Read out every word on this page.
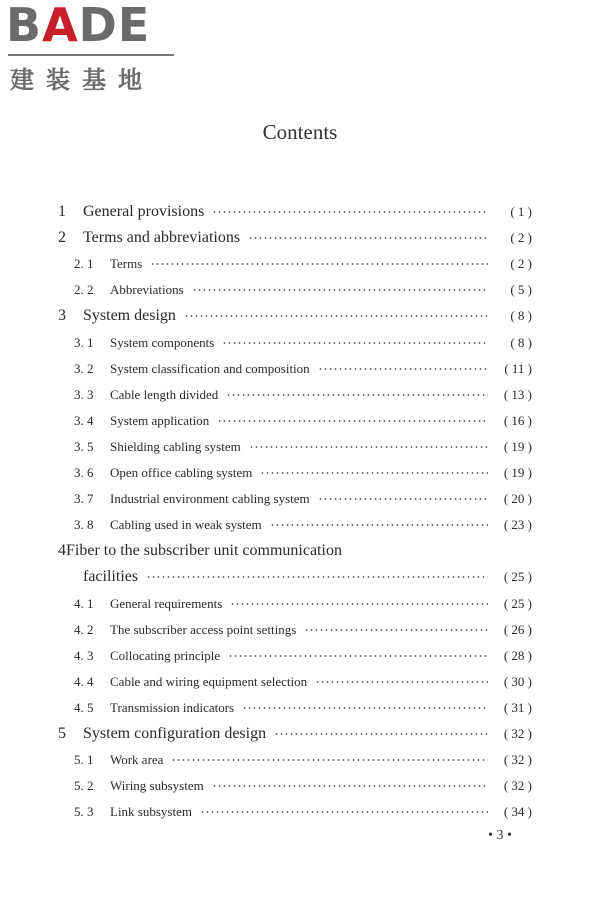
BADE
建装基地
Contents
1	General provisions	( 1 )
2	Terms and abbreviations	( 2 )
2. 1	Terms	( 2 )
2. 2	Abbreviations	( 5 )
3	System design	( 8 )
3. 1	System components	( 8 )
3. 2	System classification and composition	( 11 )
3. 3	Cable length divided	( 13 )
3. 4	System application	( 16 )
3. 5	Shielding cabling system	( 19 )
3. 6	Open office cabling system	( 19 )
3. 7	Industrial environment cabling system	( 20 )
3. 8	Cabling used in weak system	( 23 )
4 Fiber to the subscriber unit communication
facilities	( 25 )
4. 1	General requirements	( 25 )
4. 2	The subscriber access point settings	( 26 )
4. 3	Collocating principle	( 28 )
4. 4	Cable and wiring equipment selection	( 30 )
4. 5	Transmission indicators	( 31 )
5	System configuration design	( 32 )
5. 1	Work area	( 32 )
5. 2	Wiring subsystem	( 32 )
5. 3	Link subsystem	( 34 )
• 3 •
